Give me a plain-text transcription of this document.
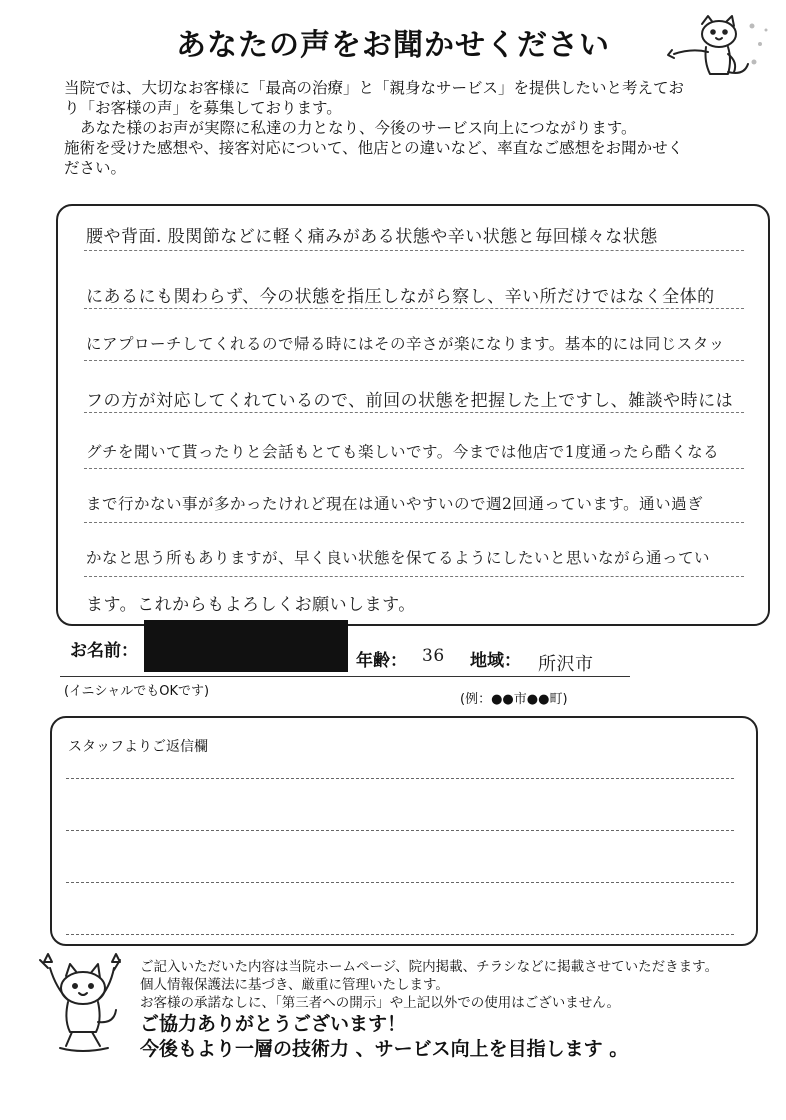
あなたの声をお聞かせください

当院では、大切なお客様に「最高の治療」と「親身なサービス」を提供したいと考えてお

り「お客様の声」を募集しております。

あなた様のお声が実際に私達の力となり、今後のサービス向上につながります。

施術を受けた感想や、接客対応について、他店との違いなど、率直なご感想をお聞かせく

ださい。

腰や背面. 股関節などに軽く痛みがある状態や辛い状態と毎回様々な状態
にあるにも関わらず、今の状態を指圧しながら察し、辛い所だけではなく全体的
にアプローチしてくれるので帰る時にはその辛さが楽になります。基本的には同じスタッ
フの方が対応してくれているので、前回の状態を把握した上ですし、雑談や時には
グチを聞いて貰ったりと会話もとても楽しいです。今までは他店で1度通ったら酷くなる
まで行かない事が多かったけれど現在は通いやすいので週2回通っています。通い過ぎ
かなと思う所もありますが、早く良い状態を保てるようにしたいと思いながら通ってい
ます。これからもよろしくお願いします。
お名前：	年齢： 36 地域： 所沢市
(イニシャルでもOKです)
(例：●●市●●町)
スタッフよりご返信欄

ご記入いただいた内容は当院ホームページ、院内掲載、チラシなどに掲載させていただきます。

個人情報保護法に基づき、厳重に管理いたします。

お客様の承諾なしに、「第三者への開示」や上記以外での使用はございません。

ご協力ありがとうございます！

今後もより一層の技術力 、サービス向上を目指します 。
